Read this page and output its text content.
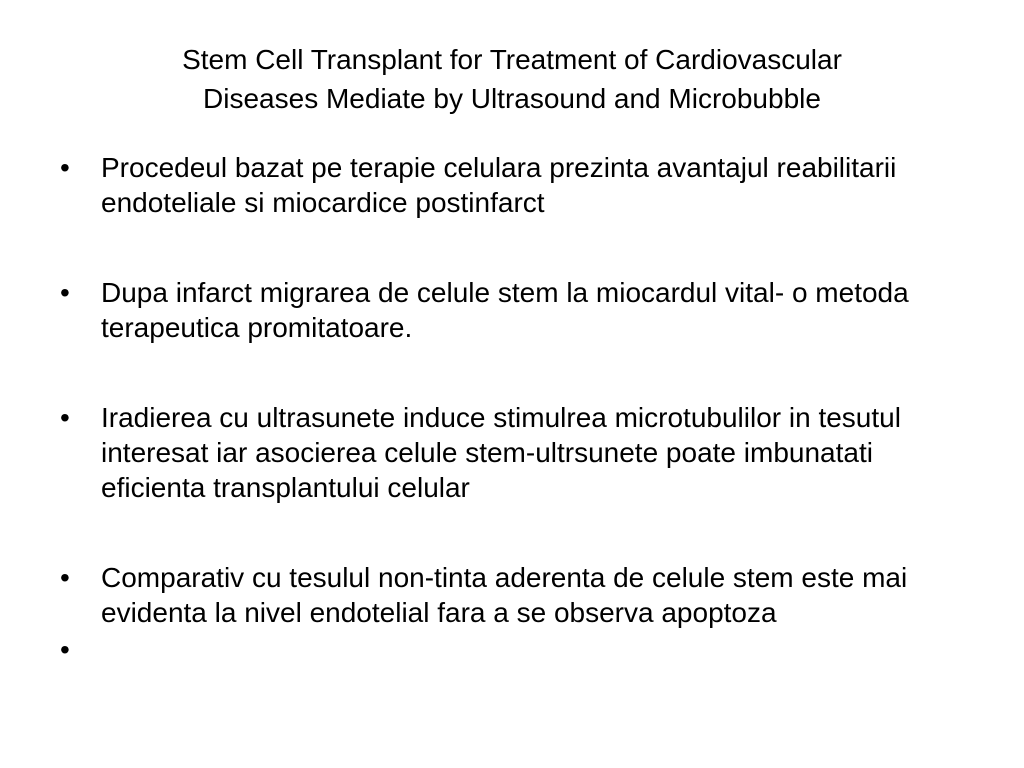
Stem Cell Transplant for Treatment of Cardiovascular
Diseases Mediate by Ultrasound and Microbubble
•	Procedeul bazat pe terapie celulara prezinta avantajul reabilitarii endoteliale si miocardice postinfarct
•	Dupa infarct migrarea de celule stem la miocardul vital- o metoda terapeutica promitatoare.
•	Iradierea cu ultrasunete induce stimulrea microtubulilor in tesutul interesat iar asocierea celule stem-ultrsunete poate imbunatati eficienta transplantului celular
•	Comparativ cu tesulul non-tinta aderenta de celule stem este mai evidenta la nivel endotelial fara a se observa apoptoza
•
